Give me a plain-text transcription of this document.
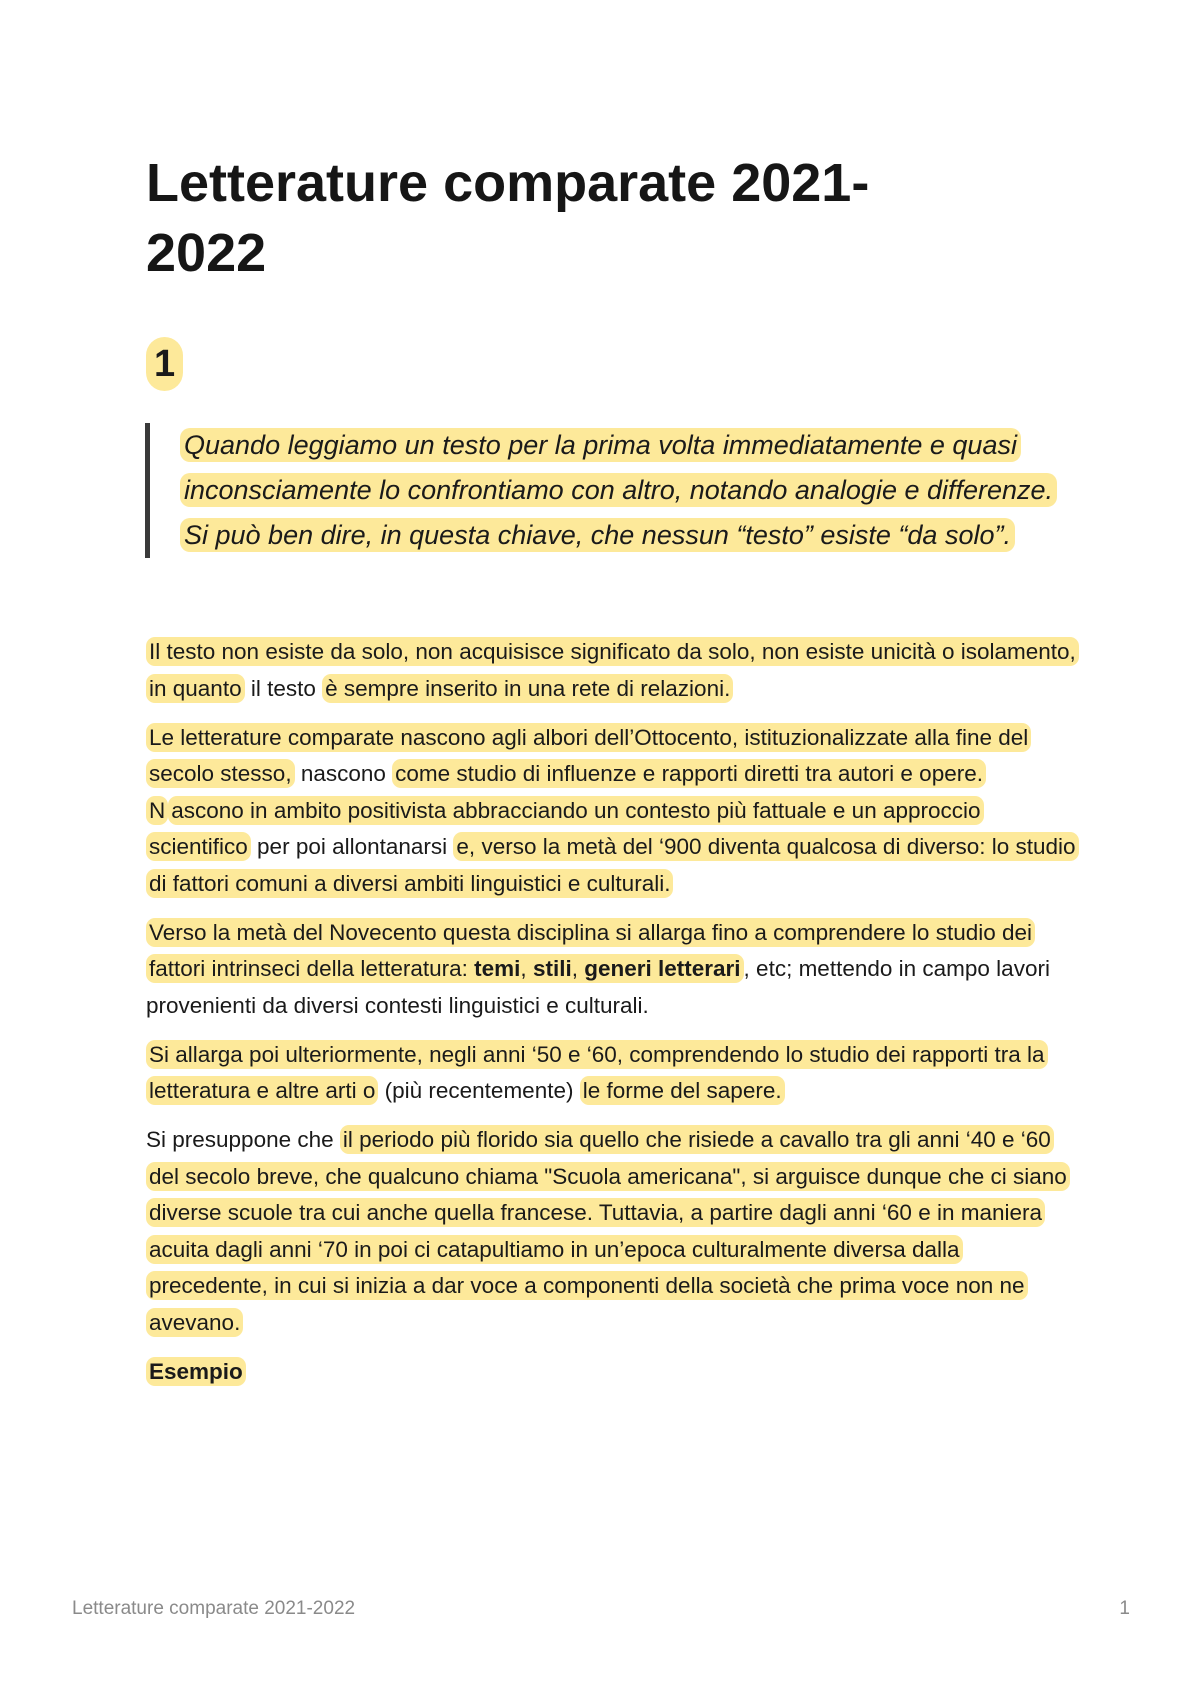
Letterature comparate 2021-2022
1
Quando leggiamo un testo per la prima volta immediatamente e quasi inconsciamente lo confrontiamo con altro, notando analogie e differenze. Si può ben dire, in questa chiave, che nessun “testo” esiste “da solo”.

Il testo non esiste da solo, non acquisisce significato da solo, non esiste unicità o isolamento, in quanto il testo è sempre inserito in una rete di relazioni.

Le letterature comparate nascono agli albori dell’Ottocento, istituzionalizzate alla fine del secolo stesso, nascono come studio di influenze e rapporti diretti tra autori e opere. N ascono in ambito positivista abbracciando un contesto più fattuale e un approccio scientifico per poi allontanarsi e, verso la metà del ‘900 diventa qualcosa di diverso: lo studio di fattori comuni a diversi ambiti linguistici e culturali.

Verso la metà del Novecento questa disciplina si allarga fino a comprendere lo studio dei fattori intrinseci della letteratura: temi, stili, generi letterari , etc; mettendo in campo lavori provenienti da diversi contesti linguistici e culturali.

Si allarga poi ulteriormente, negli anni ‘50 e ‘60, comprendendo lo studio dei rapporti tra la letteratura e altre arti o (più recentemente) le forme del sapere.

Si presuppone che il periodo più florido sia quello che risiede a cavallo tra gli anni ‘40 e ‘60 del secolo breve, che qualcuno chiama "Scuola americana", si arguisce dunque che ci siano diverse scuole tra cui anche quella francese. Tuttavia, a partire dagli anni ‘60 e in maniera acuita dagli anni ‘70 in poi ci catapultiamo in un’epoca culturalmente diversa dalla precedente, in cui si inizia a dar voce a componenti della società che prima voce non ne avevano.

Esempio

Letterature comparate 2021-2022	1
